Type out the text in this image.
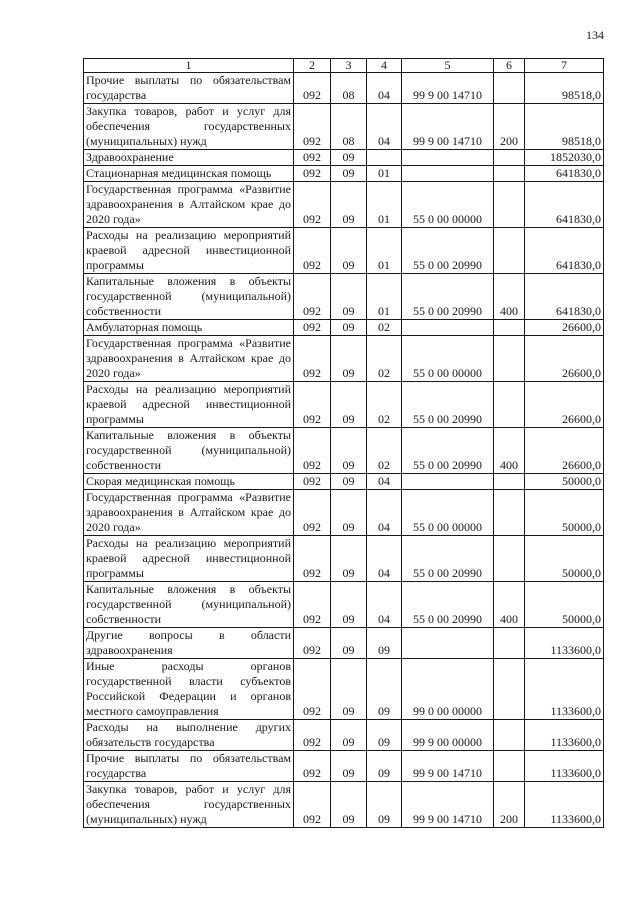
134
1	2	3	4	5	6	7
Прочие выплаты по обязательствам государства	092	08	04	99 9 00 14710		98518,0
Закупка товаров, работ и услуг для обеспечения государственных (муниципальных) нужд	092	08	04	99 9 00 14710	200	98518,0
Здравоохранение	092	09				1852030,0
Стационарная медицинская помощь	092	09	01			641830,0
Государственная программа «Развитие здравоохранения в Алтайском крае до 2020 года»	092	09	01	55 0 00 00000		641830,0
Расходы на реализацию мероприятий краевой адресной инвестиционной программы	092	09	01	55 0 00 20990		641830,0
Капитальные вложения в объекты государственной (муниципальной) собственности	092	09	01	55 0 00 20990	400	641830,0
Амбулаторная помощь	092	09	02			26600,0
Государственная программа «Развитие здравоохранения в Алтайском крае до 2020 года»	092	09	02	55 0 00 00000		26600,0
Расходы на реализацию мероприятий краевой адресной инвестиционной программы	092	09	02	55 0 00 20990		26600,0
Капитальные вложения в объекты государственной (муниципальной) собственности	092	09	02	55 0 00 20990	400	26600,0
Скорая медицинская помощь	092	09	04			50000,0
Государственная программа «Развитие здравоохранения в Алтайском крае до 2020 года»	092	09	04	55 0 00 00000		50000,0
Расходы на реализацию мероприятий краевой адресной инвестиционной программы	092	09	04	55 0 00 20990		50000,0
Капитальные вложения в объекты государственной (муниципальной) собственности	092	09	04	55 0 00 20990	400	50000,0
Другие вопросы в области здравоохранения	092	09	09			1133600,0
Иные расходы органов государственной власти субъектов Российской Федерации и органов местного самоуправления	092	09	09	99 0 00 00000		1133600,0
Расходы на выполнение других обязательств государства	092	09	09	99 9 00 00000		1133600,0
Прочие выплаты по обязательствам государства	092	09	09	99 9 00 14710		1133600,0
Закупка товаров, работ и услуг для обеспечения государственных (муниципальных) нужд	092	09	09	99 9 00 14710	200	1133600,0
